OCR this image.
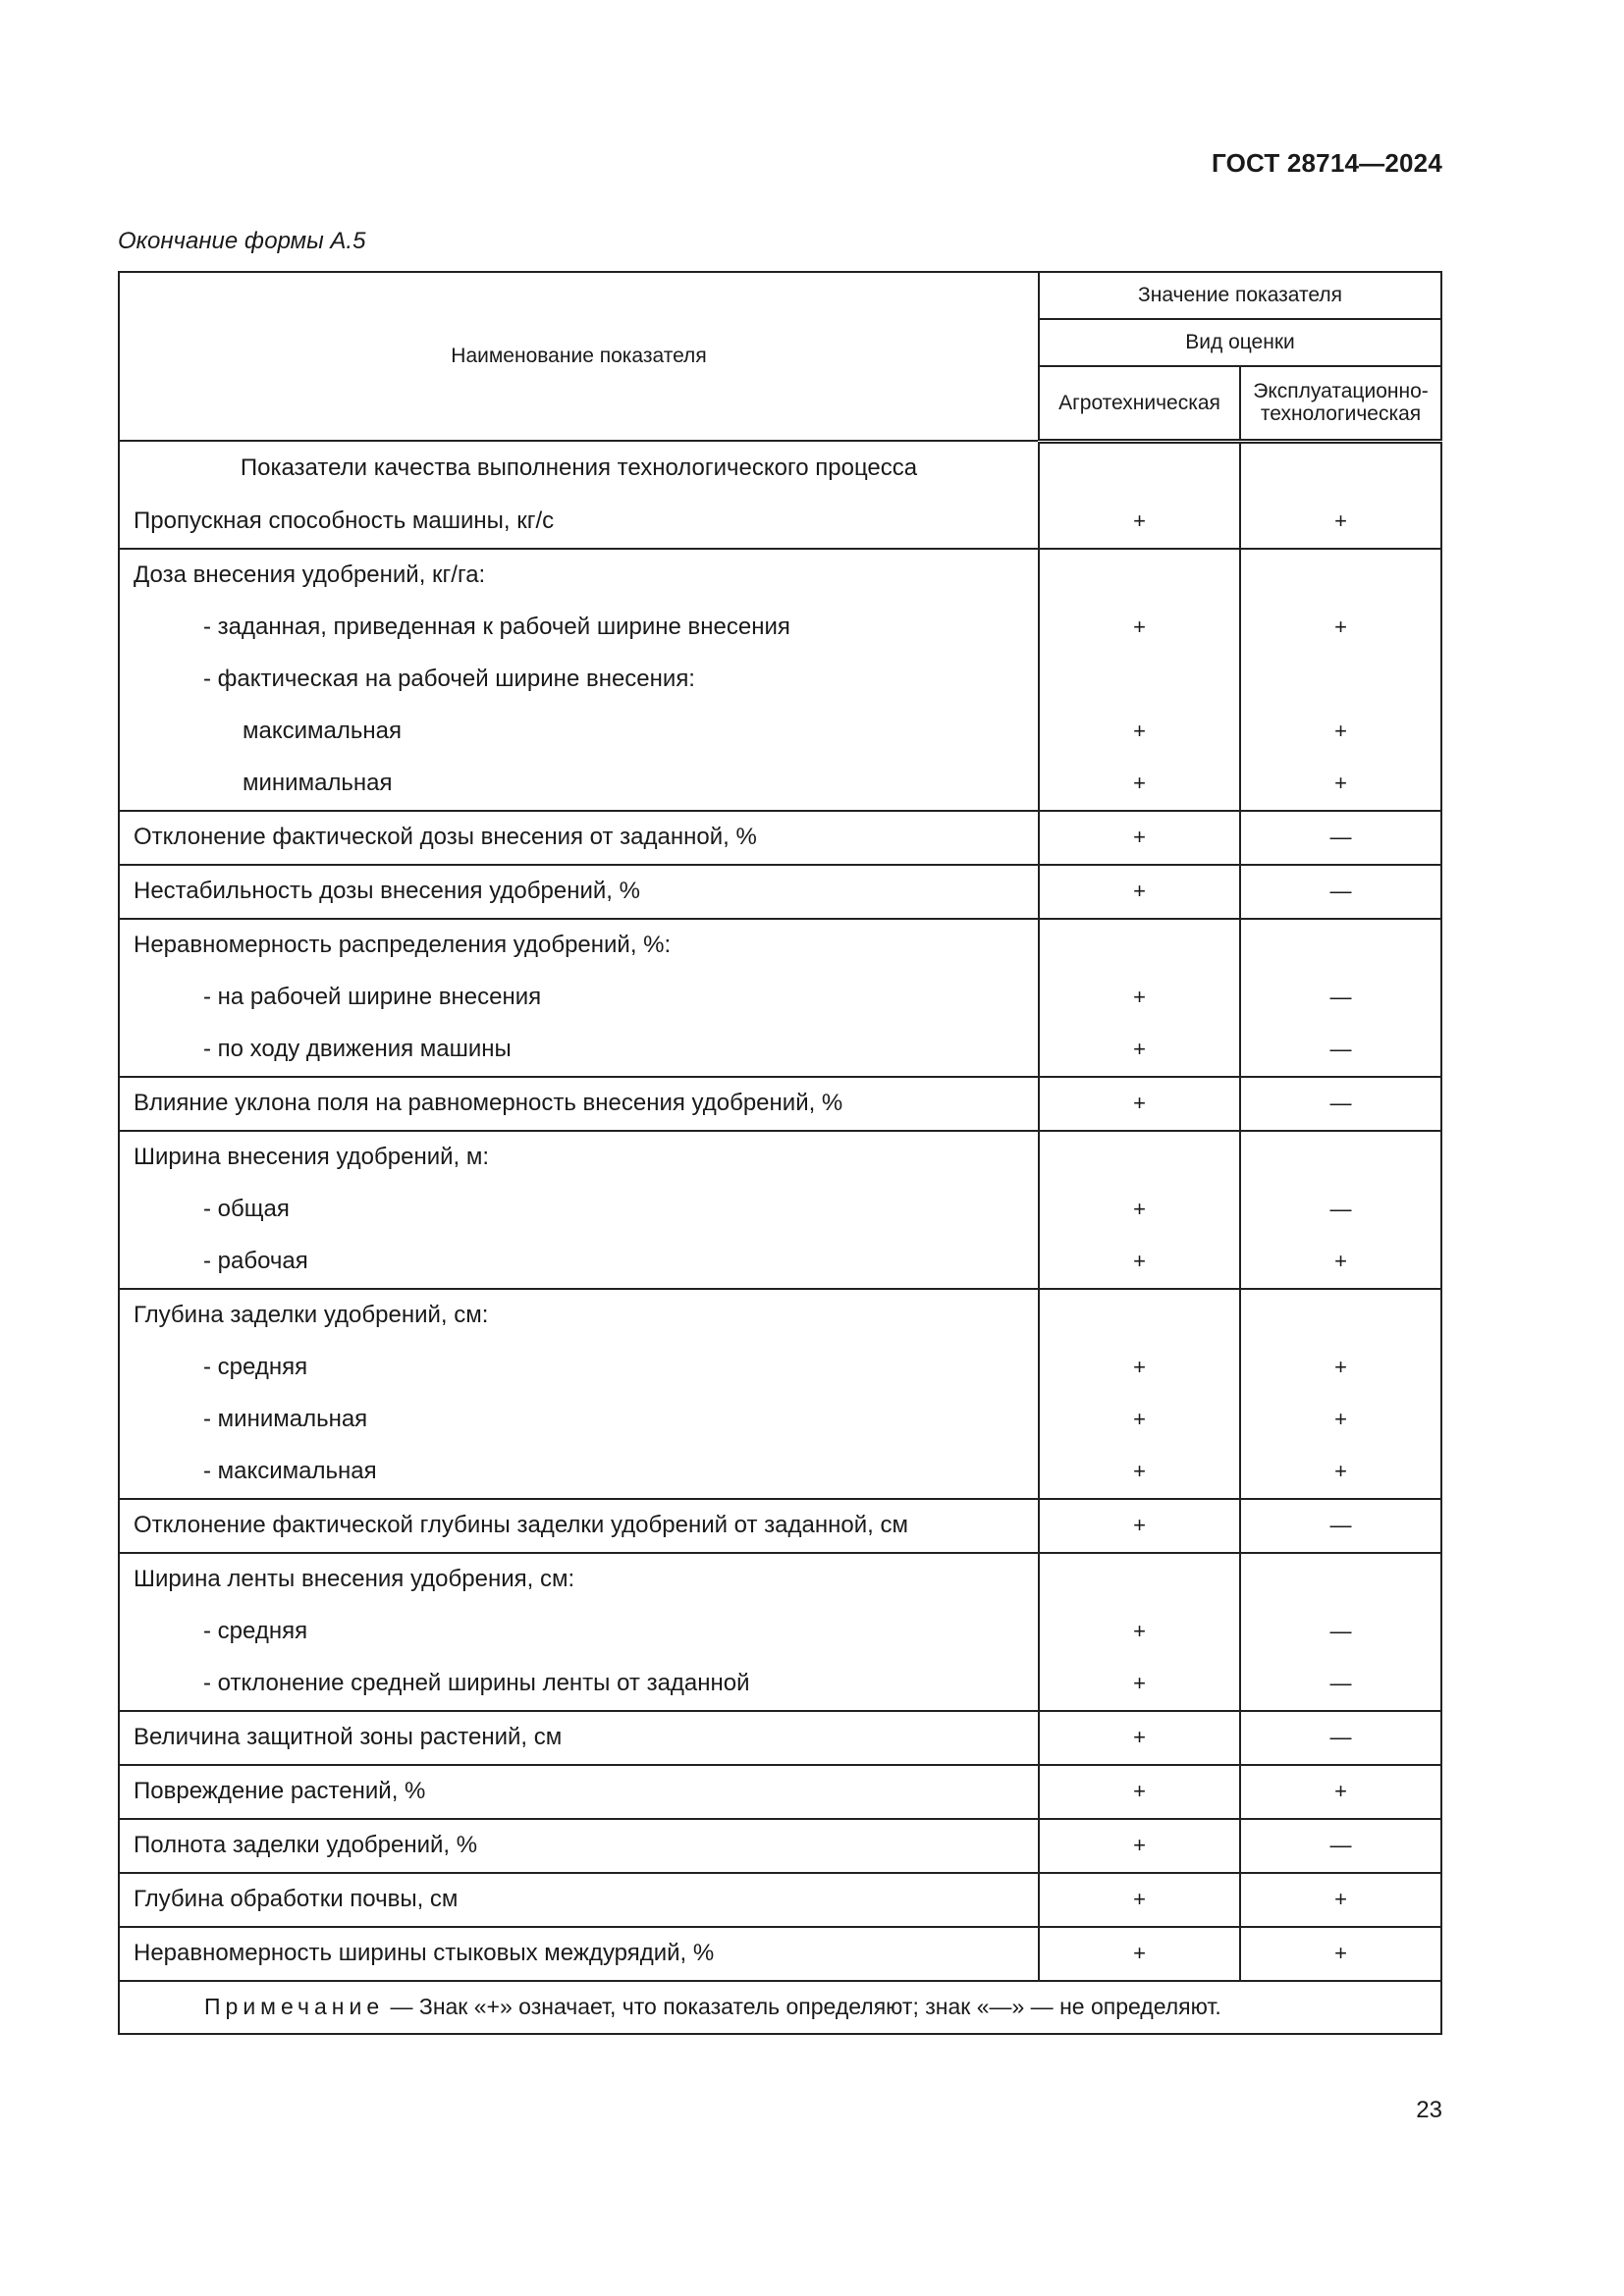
ГОСТ 28714—2024
Окончание формы А.5
Наименование показателя	Значение показателя	
	Вид оценки	
	Агротехническая	Эксплуатационно-
технологическая
Показатели качества выполнения технологического процесса		
Пропускная способность машины, кг/с	+	+
Доза внесения удобрений, кг/га:		
- заданная, приведенная к рабочей ширине внесения	+	+
- фактическая на рабочей ширине внесения:		
максимальная	+	+
минимальная	+	+
Отклонение фактической дозы внесения от заданной, %	+	—
Нестабильность дозы внесения удобрений, %	+	—
Неравномерность распределения удобрений, %:		
- на рабочей ширине внесения	+	—
- по ходу движения машины	+	—
Влияние уклона поля на равномерность внесения удобрений, %	+	—
Ширина внесения удобрений, м:		
- общая	+	—
- рабочая	+	+
Глубина заделки удобрений, см:		
- средняя	+	+
- минимальная	+	+
- максимальная	+	+
Отклонение фактической глубины заделки удобрений от заданной, см	+	—
Ширина ленты внесения удобрения, см:		
- средняя	+	—
- отклонение средней ширины ленты от заданной	+	—
Величина защитной зоны растений, см	+	—
Повреждение растений, %	+	+
Полнота заделки удобрений, %	+	—
Глубина обработки почвы, см	+	+
Неравномерность ширины стыковых междурядий, %	+	+

Примечание — Знак «+» означает, что показатель определяют; знак «—» — не определяют.		
23
